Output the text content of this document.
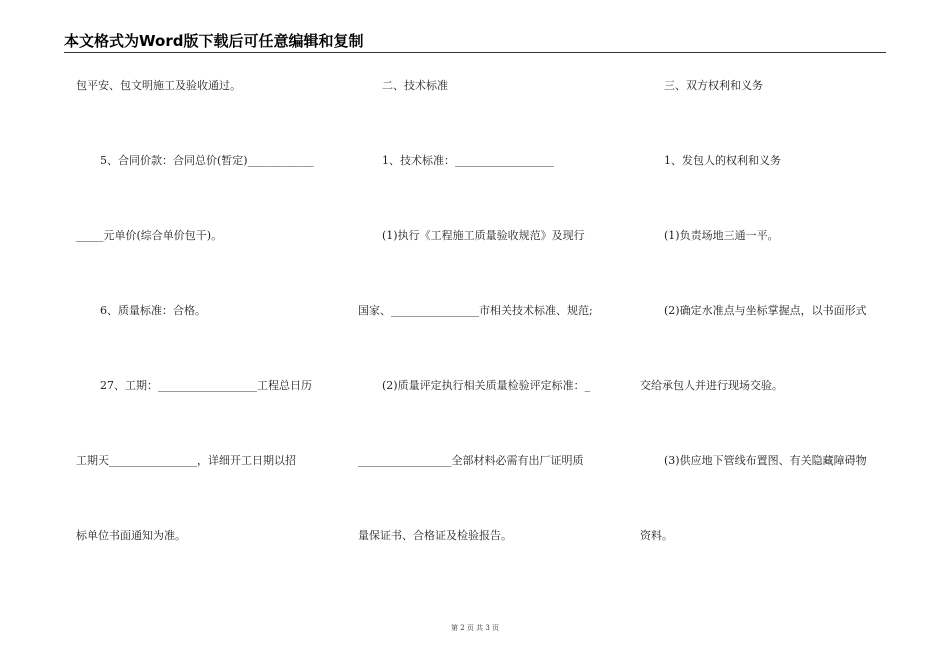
本文格式为Word版下载后可任意编辑和复制
包平安、包文明施工及验收通过。
5、合同价款：合同总价(暂定)____________
_____元单价(综合单价包干)。
6、质量标准：合格。
27、工期：__________________工程总日历
工期天________________，详细开工日期以招
标单位书面通知为准。
二、技术标准
1、技术标准：__________________
(1)执行《工程施工质量验收规范》及现行
国家、________________市相关技术标准、规范;
(2)质量评定执行相关质量检验评定标准：_
_________________全部材料必需有出厂证明质
量保证书、合格证及检验报告。
三、双方权利和义务
1、发包人的权利和义务
(1)负责场地三通一平。
(2)确定水准点与坐标掌握点，以书面形式
交给承包人并进行现场交验。
(3)供应地下管线布置图、有关隐藏障碍物
资料。
第 2 页 共 3 页
